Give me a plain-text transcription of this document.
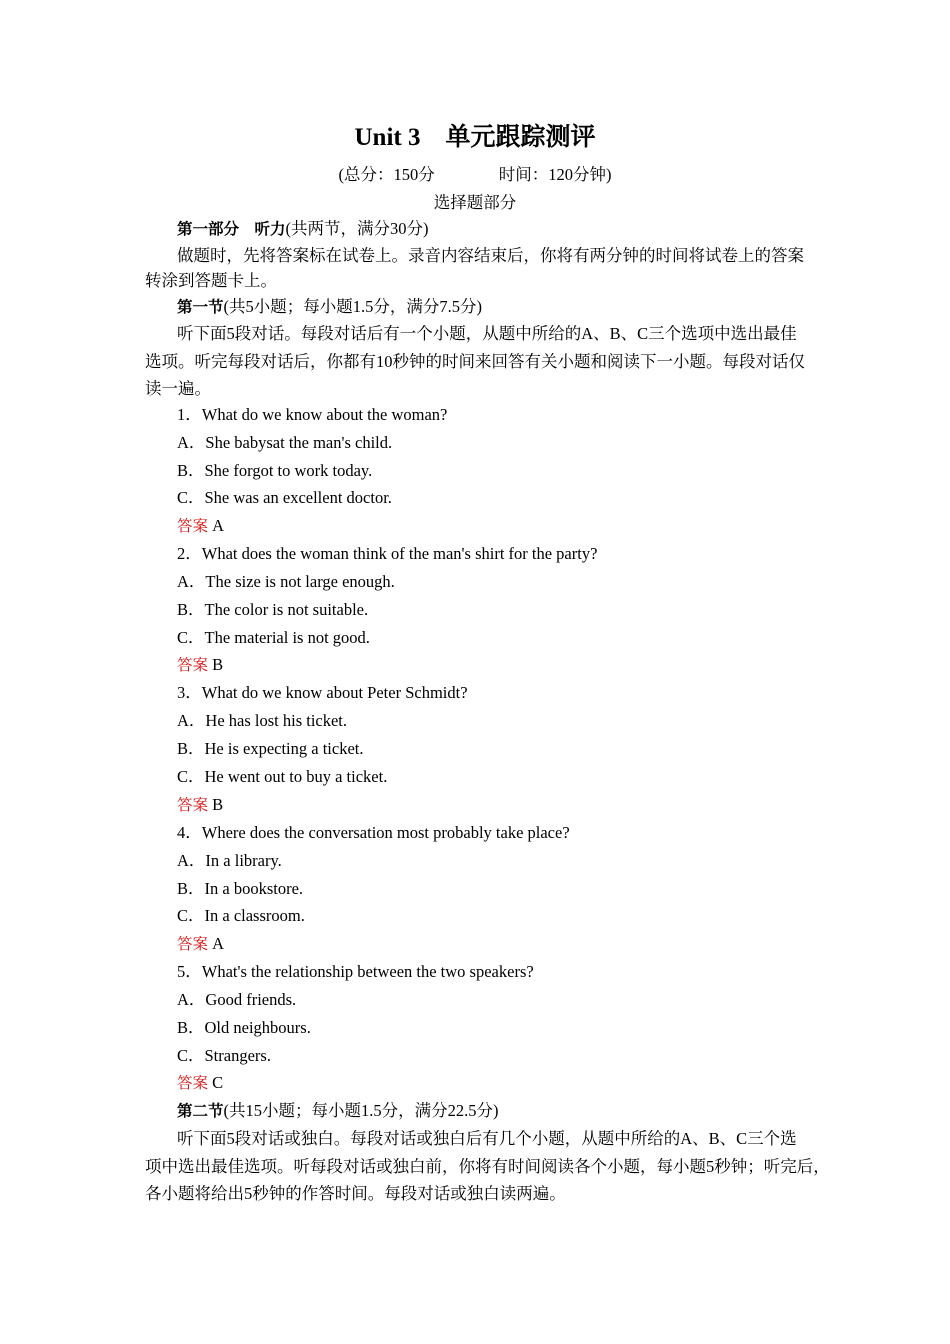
Unit 3　单元跟踪测评
(总分：150分	时间：120分钟)
选择题部分
第一部分　听力(共两节，满分30分)
做题时，先将答案标在试卷上。录音内容结束后，你将有两分钟的时间将试卷上的答案
转涂到答题卡上。
第一节(共5小题；每小题1.5分，满分7.5分)
听下面5段对话。每段对话后有一个小题，从题中所给的A、B、C三个选项中选出最佳
选项。听完每段对话后，你都有10秒钟的时间来回答有关小题和阅读下一小题。每段对话仅
读一遍。
1．What do we know about the woman?
A．She babysat the man's child.
B．She forgot to work today.
C．She was an excellent doctor.
答案 A
2．What does the woman think of the man's shirt for the party?
A．The size is not large enough.
B．The color is not suitable.
C．The material is not good.
答案 B
3．What do we know about Peter Schmidt?
A．He has lost his ticket.
B．He is expecting a ticket.
C．He went out to buy a ticket.
答案 B
4．Where does the conversation most probably take place?
A．In a library.
B．In a bookstore.
C．In a classroom.
答案 A
5．What's the relationship between the two speakers?
A．Good friends.
B．Old neighbours.
C．Strangers.
答案 C
第二节(共15小题；每小题1.5分，满分22.5分)
听下面5段对话或独白。每段对话或独白后有几个小题，从题中所给的A、B、C三个选
项中选出最佳选项。听每段对话或独白前，你将有时间阅读各个小题，每小题5秒钟；听完后，
各小题将给出5秒钟的作答时间。每段对话或独白读两遍。
